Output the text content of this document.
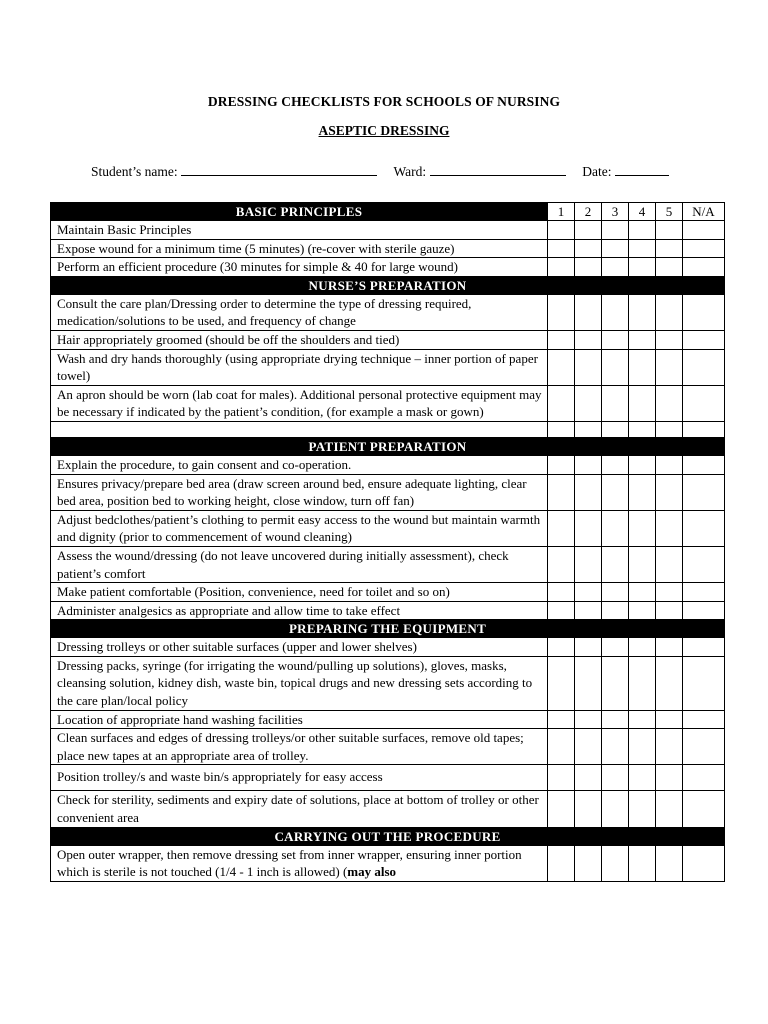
DRESSING CHECKLISTS FOR SCHOOLS OF NURSING
ASEPTIC DRESSING
Student’s name:	Ward:	Date:
BASIC PRINCIPLES	1	2	3	4	5	N/A
Maintain Basic Principles						
Expose wound for a minimum time (5 minutes) (re-cover with sterile gauze)						
Perform an efficient procedure (30 minutes for simple & 40 for large wound)						
NURSE’S PREPARATION						
Consult the care plan/Dressing order to determine the type of dressing required, medication/solutions to be used, and frequency of change						
Hair appropriately groomed (should be off the shoulders and tied)						
Wash and dry hands thoroughly (using appropriate drying technique – inner portion of paper towel)						
An apron should be worn (lab coat for males). Additional personal protective equipment may be necessary if indicated by the patient’s condition, (for example a mask or gown)						

PATIENT PREPARATION						
Explain the procedure, to gain consent and co-operation.						
Ensures privacy/prepare bed area (draw screen around bed, ensure adequate lighting, clear bed area, position bed to working height, close window, turn off fan)						
Adjust bedclothes/patient’s clothing to permit easy access to the wound but maintain warmth and dignity (prior to commencement of wound cleaning)						
Assess the wound/dressing (do not leave uncovered during initially assessment), check patient’s comfort						
Make patient comfortable (Position, convenience, need for toilet and so on)						
Administer analgesics as appropriate and allow time to take effect						
PREPARING THE EQUIPMENT						
Dressing trolleys or other suitable surfaces (upper and lower shelves)						
Dressing packs, syringe (for irrigating the wound/pulling up solutions), gloves, masks, cleansing solution, kidney dish, waste bin, topical drugs and new dressing sets according to the care plan/local policy						
Location of appropriate hand washing facilities						
Clean surfaces and edges of dressing trolleys/or other suitable surfaces, remove old tapes; place new tapes at an appropriate area of trolley.						
Position trolley/s and waste bin/s appropriately for easy access						
Check for sterility, sediments and expiry date of solutions, place at bottom of trolley or other convenient area						
CARRYING OUT THE PROCEDURE						
Open outer wrapper, then remove dressing set from inner wrapper, ensuring inner portion which is sterile is not touched (1/4 - 1 inch is allowed) (may also						
